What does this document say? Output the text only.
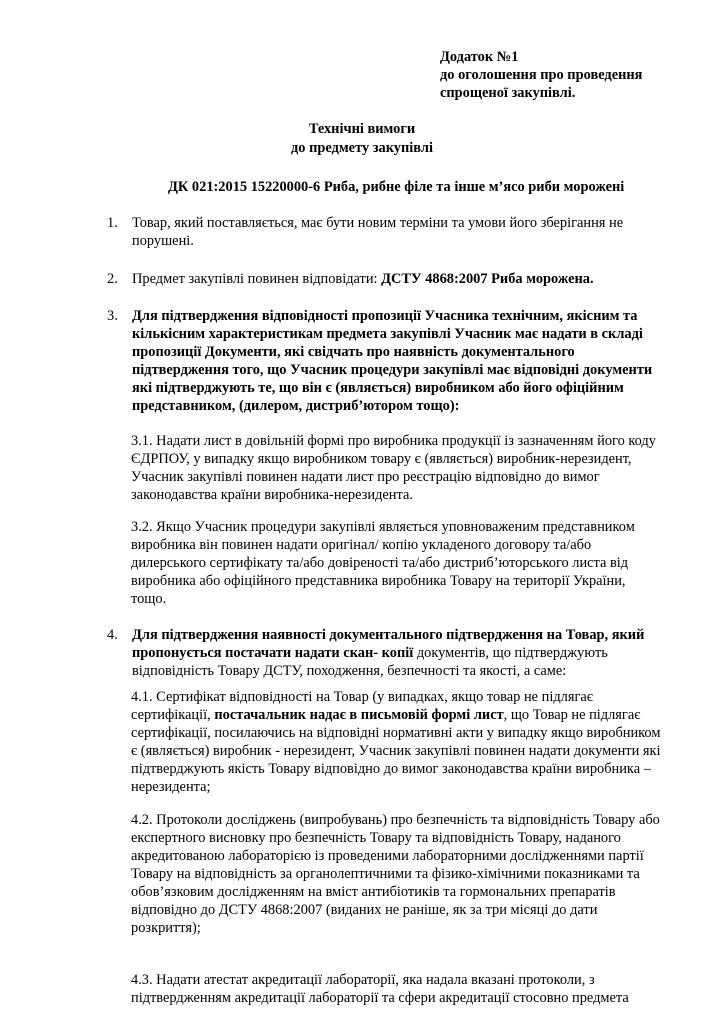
Додаток №1
до оголошення про проведення
спрощеної закупівлі.
Технічні вимоги
до предмету закупівлі
ДК 021:2015 15220000-6 Риба, рибне філе та інше м’ясо риби морожені
1. Товар, який поставляється, має бути новим терміни та умови його зберігання не
порушені.
2. Предмет закупівлі повинен відповідати: ДСТУ 4868:2007 Риба морожена.
3. Для підтвердження відповідності пропозиції Учасника технічним, якісним та
кількісним характеристикам предмета закупівлі Учасник має надати в складі
пропозиції Документи, які свідчать про наявність документального
підтвердження того, що Учасник процедури закупівлі має відповідні документи
які підтверджують те, що він є (являється) виробником або його офіційним
представником, (дилером, дистриб’ютором тощо):
3.1. Надати лист в довільній формі про виробника продукції із зазначенням його коду
ЄДРПОУ, у випадку якщо виробником товару є (являється) виробник-нерезидент,
Учасник закупівлі повинен надати лист про реєстрацію відповідно до вимог
законодавства країни виробника-нерезидента.
3.2. Якщо Учасник процедури закупівлі являється уповноваженим представником
виробника він повинен надати оригінал/ копію укладеного договору та/або
дилерського сертифікату та/або довіреності та/або дистриб’юторського листа від
виробника або офіційного представника виробника Товару на території України,
тощо.
4. Для підтвердження наявності документального підтвердження на Товар, який
пропонується постачати надати скан- копії документів, що підтверджують
відповідність Товару ДСТУ, походження, безпечності та якості, а саме:
4.1. Сертифікат відповідності на Товар (у випадках, якщо товар не підлягає
сертифікації, постачальник надає в письмовій формі лист, що Товар не підлягає
сертифікації, посилаючись на відповідні нормативні акти у випадку якщо виробником
є (являється) виробник - нерезидент, Учасник закупівлі повинен надати документи які
підтверджують якість Товару відповідно до вимог законодавства країни виробника –
нерезидента;
4.2. Протоколи досліджень (випробувань) про безпечність та відповідність Товару або
експертного висновку про безпечність Товару та відповідність Товару, наданого
акредитованою лабораторією із проведеними лабораторними дослідженнями партії
Товару на відповідність за органолептичними та фізико-хімічними показниками та
обов’язковим дослідженням на вміст антибіотиків та гормональних препаратів
відповідно до ДСТУ 4868:2007 (виданих не раніше, як за три місяці до дати
розкриття);
4.3. Надати атестат акредитації лабораторії, яка надала вказані протоколи, з
підтвердженням акредитації лабораторії та сфери акредитації стосовно предмета
